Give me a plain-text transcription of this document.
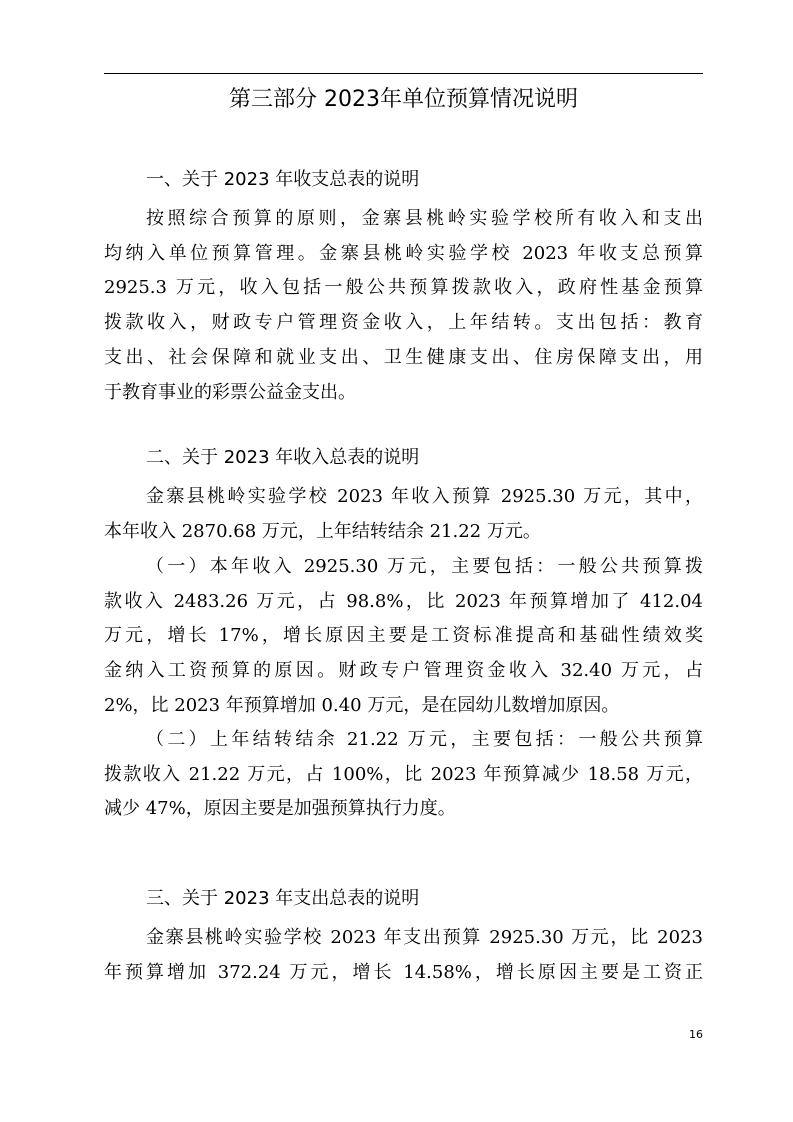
第三部分 2023年单位预算情况说明
一、关于 2023 年收支总表的说明

按照综合预算的原则，金寨县桃岭实验学校所有收入和支出
均纳入单位预算管理。金寨县桃岭实验学校 2023 年收支总预算
2925.3 万元，收入包括一般公共预算拨款收入，政府性基金预算
拨款收入，财政专户管理资金收入，上年结转。支出包括：教育
支出、社会保障和就业支出、卫生健康支出、住房保障支出，用
于教育事业的彩票公益金支出。

二、关于 2023 年收入总表的说明

金寨县桃岭实验学校 2023 年收入预算 2925.30 万元，其中，
本年收入 2870.68 万元，上年结转结余 21.22 万元。

（一）本年收入 2925.30 万元，主要包括：一般公共预算拨
款收入 2483.26 万元，占 98.8%，比 2023 年预算增加了 412.04
万元，增长 17%，增长原因主要是工资标准提高和基础性绩效奖
金纳入工资预算的原因。财政专户管理资金收入 32.40 万元，占
2%，比 2023 年预算增加 0.40 万元，是在园幼儿数增加原因。

（二）上年结转结余 21.22 万元，主要包括：一般公共预算
拨款收入 21.22 万元，占 100%，比 2023 年预算减少 18.58 万元，
减少 47%，原因主要是加强预算执行力度。

三、关于 2023 年支出总表的说明

金寨县桃岭实验学校 2023 年支出预算 2925.30 万元，比 2023
年预算增加 372.24 万元，增长 14.58%，增长原因主要是工资正

16
